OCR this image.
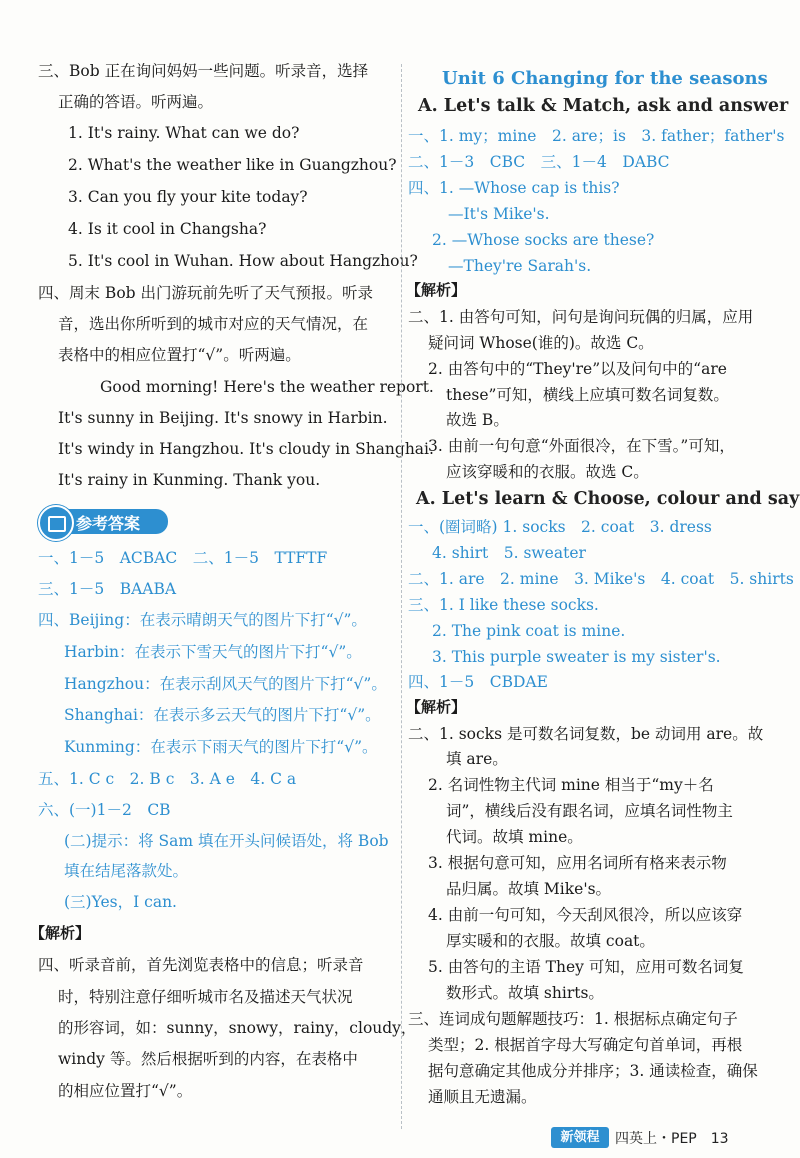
三、Bob 正在询问妈妈一些问题。听录音，选择
正确的答语。听两遍。
1. It's rainy. What can we do?
2. What's the weather like in Guangzhou?
3. Can you fly your kite today?
4. Is it cool in Changsha?
5. It's cool in Wuhan. How about Hangzhou?
四、周末 Bob 出门游玩前先听了天气预报。听录
音，选出你所听到的城市对应的天气情况，在
表格中的相应位置打“√”。听两遍。
Good morning! Here's the weather report.
It's sunny in Beijing. It's snowy in Harbin.
It's windy in Hangzhou. It's cloudy in Shanghai.
It's rainy in Kunming. Thank you.
参考答案
一、1－5　ACBAC　二、1－5　TTFTF
三、1－5　BAABA
四、Beijing：在表示晴朗天气的图片下打“√”。
Harbin：在表示下雪天气的图片下打“√”。
Hangzhou：在表示刮风天气的图片下打“√”。
Shanghai：在表示多云天气的图片下打“√”。
Kunming：在表示下雨天气的图片下打“√”。
五、1. C c　2. B c　3. A e　4. C a
六、(一)1－2　CB
(二)提示：将 Sam 填在开头问候语处，将 Bob
填在结尾落款处。
(三)Yes，I can.
【解析】
四、听录音前，首先浏览表格中的信息；听录音
时，特别注意仔细听城市名及描述天气状况
的形容词，如：sunny，snowy，rainy，cloudy，
windy 等。然后根据听到的内容，在表格中
的相应位置打“√”。
Unit 6 Changing for the seasons
A. Let's talk & Match, ask and answer
一、1. my；mine　2. are；is　3. father；father's
二、1－3　CBC　三、1－4　DABC
四、1. —Whose cap is this?
—It's Mike's.
2. —Whose socks are these?
—They're Sarah's.
【解析】
二、1. 由答句可知，问句是询问玩偶的归属，应用
疑问词 Whose(谁的)。故选 C。
2. 由答句中的“They're”以及问句中的“are
these”可知，横线上应填可数名词复数。
故选 B。
3. 由前一句句意“外面很冷，在下雪。”可知，
应该穿暖和的衣服。故选 C。
A. Let's learn & Choose, colour and say
一、(圈词略) 1. socks　2. coat　3. dress
4. shirt　5. sweater
二、1. are　2. mine　3. Mike's　4. coat　5. shirts
三、1. I like these socks.
2. The pink coat is mine.
3. This purple sweater is my sister's.
四、1－5　CBDAE
【解析】
二、1. socks 是可数名词复数，be 动词用 are。故
填 are。
2. 名词性物主代词 mine 相当于“my＋名
词”，横线后没有跟名词，应填名词性物主
代词。故填 mine。
3. 根据句意可知，应用名词所有格来表示物
品归属。故填 Mike's。
4. 由前一句可知，今天刮风很冷，所以应该穿
厚实暖和的衣服。故填 coat。
5. 由答句的主语 They 可知，应用可数名词复
数形式。故填 shirts。
三、连词成句题解题技巧：1. 根据标点确定句子
类型；2. 根据首字母大写确定句首单词，再根
据句意确定其他成分并排序；3. 通读检查，确保
通顺且无遗漏。
新领程	四英上・PEP　13
